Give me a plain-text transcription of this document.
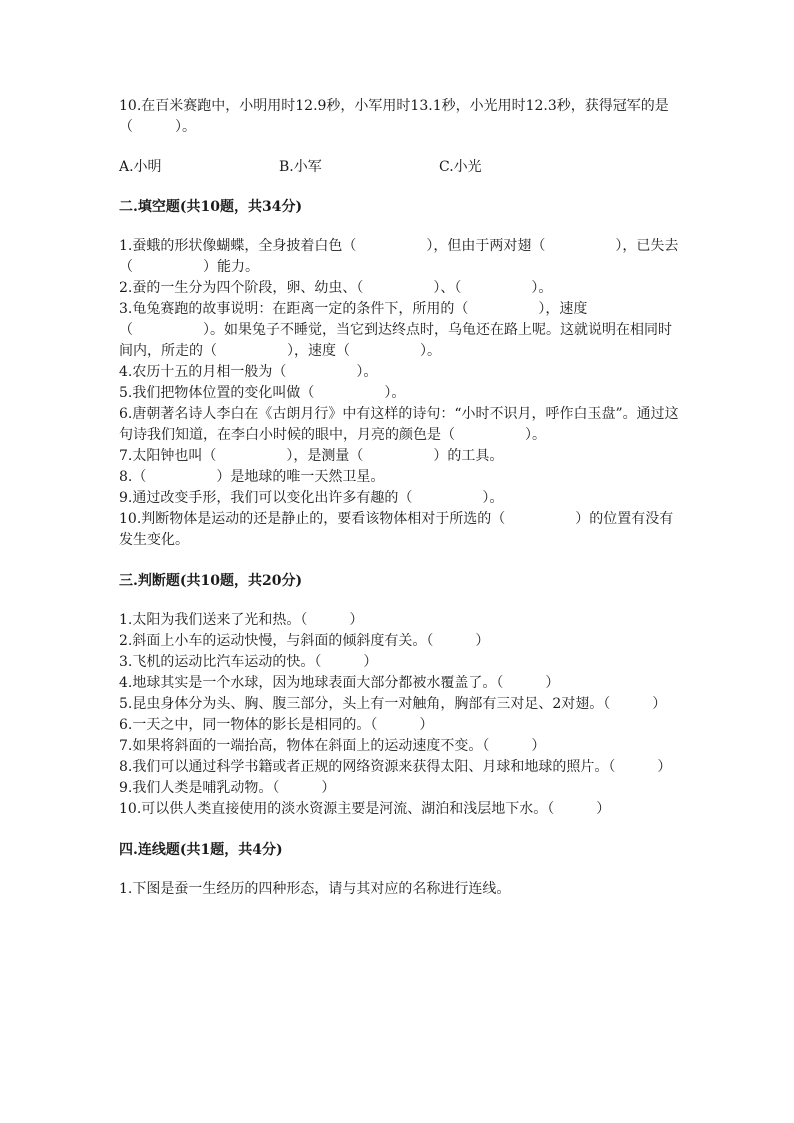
10.在百米赛跑中，小明用时12.9秒，小军用时13.1秒，小光用时12.3秒，获得冠军的是（　　　）。

A.小明	B.小军	C.小光
二.填空题(共10题，共34分)

1.蚕蛾的形状像蝴蝶，全身披着白色（　　　　　），但由于两对翅（　　　　　），已失去（　　　　　）能力。

2.蚕的一生分为四个阶段，卵、幼虫、（　　　　　）、（　　　　　）。

3.龟兔赛跑的故事说明：在距离一定的条件下，所用的（　　　　　），速度（　　　　　）。如果兔子不睡觉，当它到达终点时，乌龟还在路上呢。这就说明在相同时间内，所走的（　　　　　），速度（　　　　　）。

4.农历十五的月相一般为（　　　　　）。

5.我们把物体位置的变化叫做（　　　　　）。

6.唐朝著名诗人李白在《古朗月行》中有这样的诗句：“小时不识月，呼作白玉盘”。通过这句诗我们知道，在李白小时候的眼中，月亮的颜色是（　　　　　）。

7.太阳钟也叫（　　　　　），是测量（　　　　　）的工具。

8.（　　　　　）是地球的唯一天然卫星。

9.通过改变手形，我们可以变化出许多有趣的（　　　　　）。

10.判断物体是运动的还是静止的，要看该物体相对于所选的（　　　　　）的位置有没有发生变化。

三.判断题(共10题，共20分)

1.太阳为我们送来了光和热。（　　　）

2.斜面上小车的运动快慢，与斜面的倾斜度有关。（　　　）

3.飞机的运动比汽车运动的快。（　　　）

4.地球其实是一个水球，因为地球表面大部分都被水覆盖了。（　　　）

5.昆虫身体分为头、胸、腹三部分，头上有一对触角，胸部有三对足、2对翅。（　　　）

6.一天之中，同一物体的影长是相同的。（　　　）

7.如果将斜面的一端抬高，物体在斜面上的运动速度不变。（　　　）

8.我们可以通过科学书籍或者正规的网络资源来获得太阳、月球和地球的照片。（　　　）

9.我们人类是哺乳动物。（　　　）

10.可以供人类直接使用的淡水资源主要是河流、湖泊和浅层地下水。（　　　）

四.连线题(共1题，共4分)

1.下图是蚕一生经历的四种形态，请与其对应的名称进行连线。
